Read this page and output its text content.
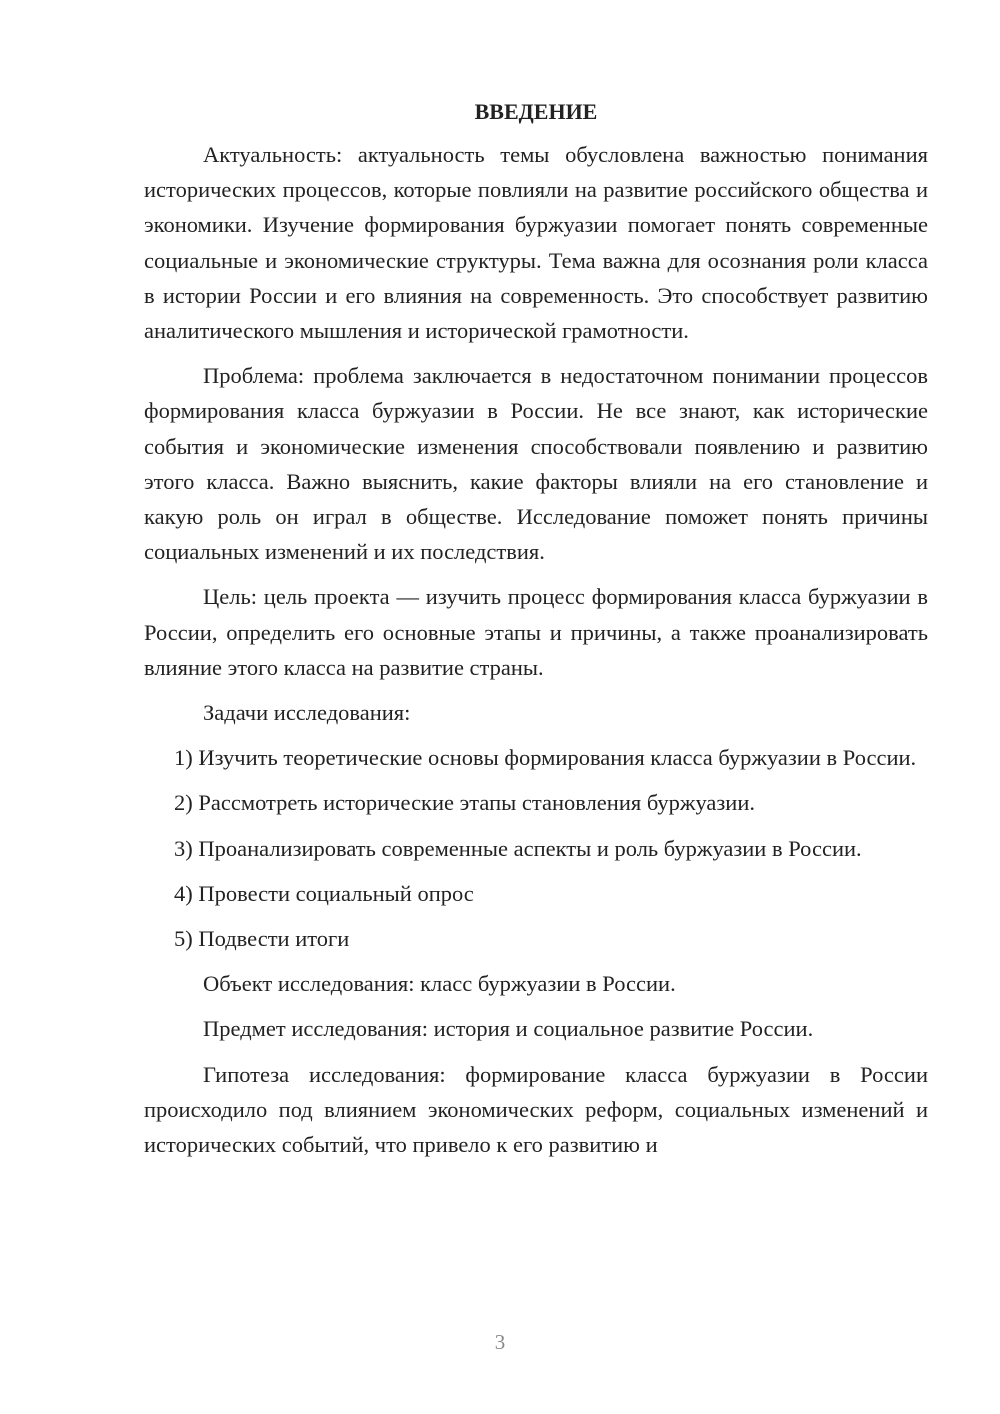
ВВЕДЕНИЕ

Актуальность: актуальность темы обусловлена важностью понимания исторических процессов, которые повлияли на развитие российского общества и экономики. Изучение формирования буржуазии помогает понять современные социальные и экономические структуры. Тема важна для осознания роли класса в истории России и его влияния на современность. Это способствует развитию аналитического мышления и исторической грамотности.

Проблема: проблема заключается в недостаточном понимании процессов формирования класса буржуазии в России. Не все знают, как исторические события и экономические изменения способствовали появлению и развитию этого класса. Важно выяснить, какие факторы влияли на его становление и какую роль он играл в обществе. Исследование поможет понять причины социальных изменений и их последствия.

Цель: цель проекта — изучить процесс формирования класса буржуазии в России, определить его основные этапы и причины, а также проанализировать влияние этого класса на развитие страны.

Задачи исследования:

1) Изучить теоретические основы формирования класса буржуазии в России.

2) Рассмотреть исторические этапы становления буржуазии.

3) Проанализировать современные аспекты и роль буржуазии в России.

4) Провести социальный опрос

5) Подвести итоги

Объект исследования: класс буржуазии в России.

Предмет исследования: история и социальное развитие России.

Гипотеза исследования: формирование класса буржуазии в России происходило под влиянием экономических реформ, социальных изменений и исторических событий, что привело к его развитию и

3
